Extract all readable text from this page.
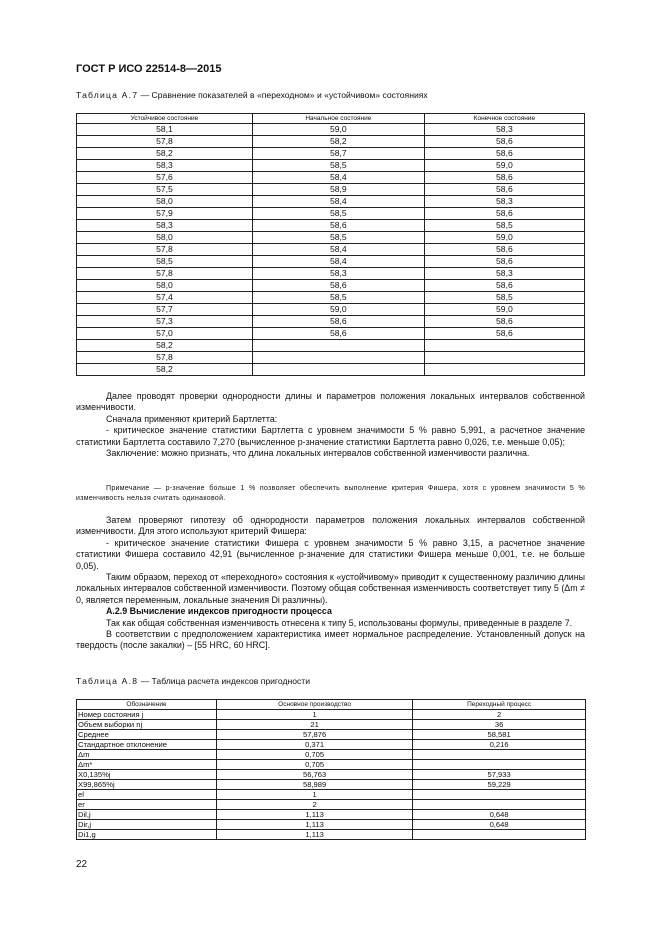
ГОСТ Р ИСО 22514-8—2015
Таблица А.7 — Сравнение показателей в «переходном» и «устойчивом» состояниях
Устойчивое состояние	Начальное состояние	Конечное состояние
58,1	59,0	58,3
57,8	58,2	58,6
58,2	58,7	58,6
58,3	58,5	59,0
57,6	58,4	58,6
57,5	58,9	58,6
58,0	58,4	58,3
57,9	58,5	58,6
58,3	58,6	58,5
58,0	58,5	59,0
57,8	58,4	58,6
58,5	58,4	58,6
57,8	58,3	58,3
58,0	58,6	58,6
57,4	58,5	58,5
57,7	59,0	59,0
57,3	58,6	58,6
57,0	58,6	58,6
58,2		
57,8		
58,2		

Далее проводят проверки однородности длины и параметров положения локальных интервалов собственной изменчивости.

Сначала применяют критерий Бартлетта:

- критическое значение статистики Бартлетта с уровнем значимости 5 % равно 5,991, а расчетное значение статистики Бартлетта составило 7,270 (вычисленное p-значение статистики Бартлетта равно 0,026, т.е. меньше 0,05);

Заключение: можно признать, что длина локальных интервалов собственной изменчивости различна.

Примечание — p-значение больше 1 % позволяет обеспечить выполнение критерия Фишера, хотя с уровнем значимости 5 % изменчивость нельзя считать одинаковой.

Затем проверяют гипотезу об однородности параметров положения локальных интервалов собственной изменчивости. Для этого используют критерий Фишера:

- критическое значение статистики Фишера с уровнем значимости 5 % равно 3,15, а расчетное значение статистики Фишера составило 42,91 (вычисленное p-значение для статистики Фишера меньше 0,001, т.е. не больше 0,05).

Таким образом, переход от «переходного» состояния к «устойчивому» приводит к существенному различию длины локальных интервалов собственной изменчивости. Поэтому общая собственная изменчивость соответствует типу 5 (Δm ≠ 0, является переменным, локальные значения Di различны).

А.2.9 Вычисление индексов пригодности процесса

Так как общая собственная изменчивость отнесена к типу 5, использованы формулы, приведенные в разделе 7.

В соответствии с предположением характеристика имеет нормальное распределение. Установленный допуск на твердость (после закалки) – [55 HRC, 60 HRC].

Таблица А.8 — Таблица расчета индексов пригодности
Обозначение	Основное производство	Переходный процесс
Номер состояния j	1	2
Объем выборки nj	21	36
Среднее	57,876	58,581
Стандартное отклонение	0,371	0,216
Δm	0,705	
Δm*	0,705	
X0,135%j	56,763	57,933
X99,865%j	58,989	59,229
el	1	
er	2	
Dil,j	1,113	0,648
Dir,j	1,113	0,648
Di1,g	1,113	
22
